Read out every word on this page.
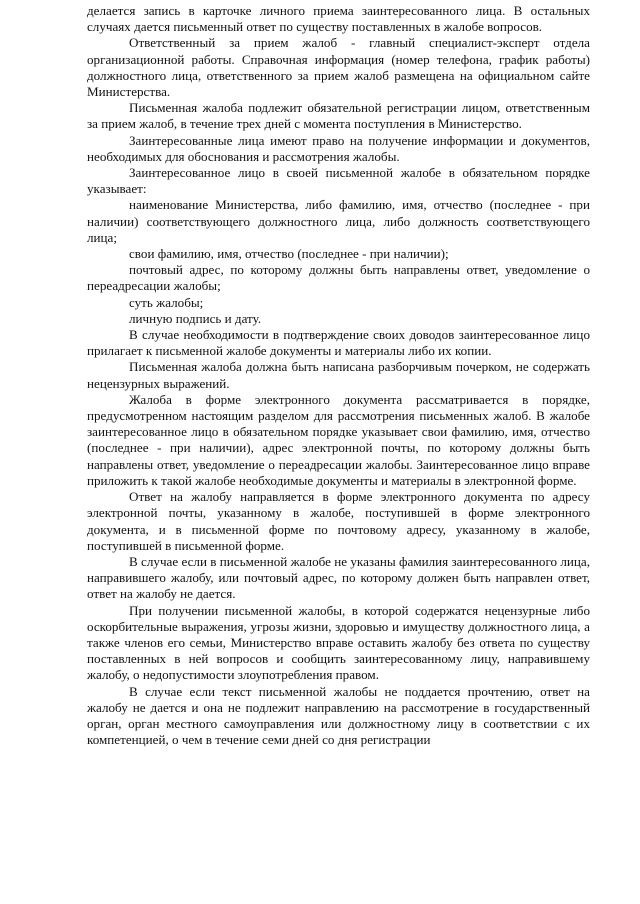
делается запись в карточке личного приема заинтересованного лица. В остальных случаях дается письменный ответ по существу поставленных в жалобе вопросов.

Ответственный за прием жалоб - главный специалист-эксперт отдела организационной работы. Справочная информация (номер телефона, график работы) должностного лица, ответственного за прием жалоб размещена на официальном сайте Министерства.

Письменная жалоба подлежит обязательной регистрации лицом, ответственным за прием жалоб, в течение трех дней с момента поступления в Министерство.

Заинтересованные лица имеют право на получение информации и документов, необходимых для обоснования и рассмотрения жалобы.

Заинтересованное лицо в своей письменной жалобе в обязательном порядке указывает:

наименование Министерства, либо фамилию, имя, отчество (последнее - при наличии) соответствующего должностного лица, либо должность соответствующего лица;

свои фамилию, имя, отчество (последнее - при наличии);

почтовый адрес, по которому должны быть направлены ответ, уведомление о переадресации жалобы;

суть жалобы;

личную подпись и дату.

В случае необходимости в подтверждение своих доводов заинтересованное лицо прилагает к письменной жалобе документы и материалы либо их копии.

Письменная жалоба должна быть написана разборчивым почерком, не содержать нецензурных выражений.

Жалоба в форме электронного документа рассматривается в порядке, предусмотренном настоящим разделом для рассмотрения письменных жалоб. В жалобе заинтересованное лицо в обязательном порядке указывает свои фамилию, имя, отчество (последнее - при наличии), адрес электронной почты, по которому должны быть направлены ответ, уведомление о переадресации жалобы. Заинтересованное лицо вправе приложить к такой жалобе необходимые документы и материалы в электронной форме.

Ответ на жалобу направляется в форме электронного документа по адресу электронной почты, указанному в жалобе, поступившей в форме электронного документа, и в письменной форме по почтовому адресу, указанному в жалобе, поступившей в письменной форме.

В случае если в письменной жалобе не указаны фамилия заинтересованного лица, направившего жалобу, или почтовый адрес, по которому должен быть направлен ответ, ответ на жалобу не дается.

При получении письменной жалобы, в которой содержатся нецензурные либо оскорбительные выражения, угрозы жизни, здоровью и имуществу должностного лица, а также членов его семьи, Министерство вправе оставить жалобу без ответа по существу поставленных в ней вопросов и сообщить заинтересованному лицу, направившему жалобу, о недопустимости злоупотребления правом.

В случае если текст письменной жалобы не поддается прочтению, ответ на жалобу не дается и она не подлежит направлению на рассмотрение в государственный орган, орган местного самоуправления или должностному лицу в соответствии с их компетенцией, о чем в течение семи дней со дня регистрации
